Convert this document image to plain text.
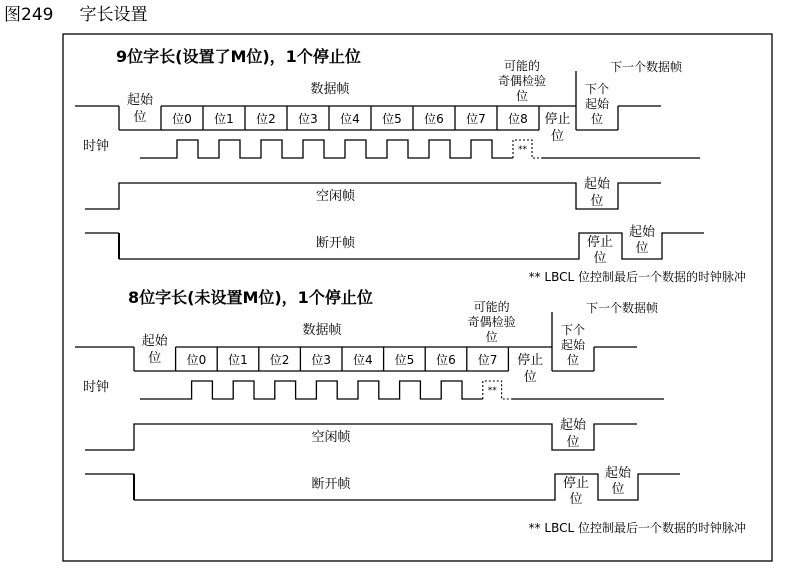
图249 字长设置
9位字长(设置了M位)，1个停止位
数据帧
可能的
奇偶检验
位
下一个数据帧
起始位	位0 位1 位2 位3 位4 位5 位6 位7 位8 停止位
下个
起始
位
时钟	**
空闲帧
起始位
断开帧	停止位
起始位
** LBCL 位控制最后一个数据的时钟脉冲
8位字长(未设置M位)，1个停止位
数据帧
可能的
奇偶检验
位
下一个数据帧
起始位	位0 位1 位2 位3 位4 位5 位6 位7 停止位
下个
起始
位
时钟	**
空闲帧
起始位
断开帧	停止位
起始位
** LBCL 位控制最后一个数据的时钟脉冲
